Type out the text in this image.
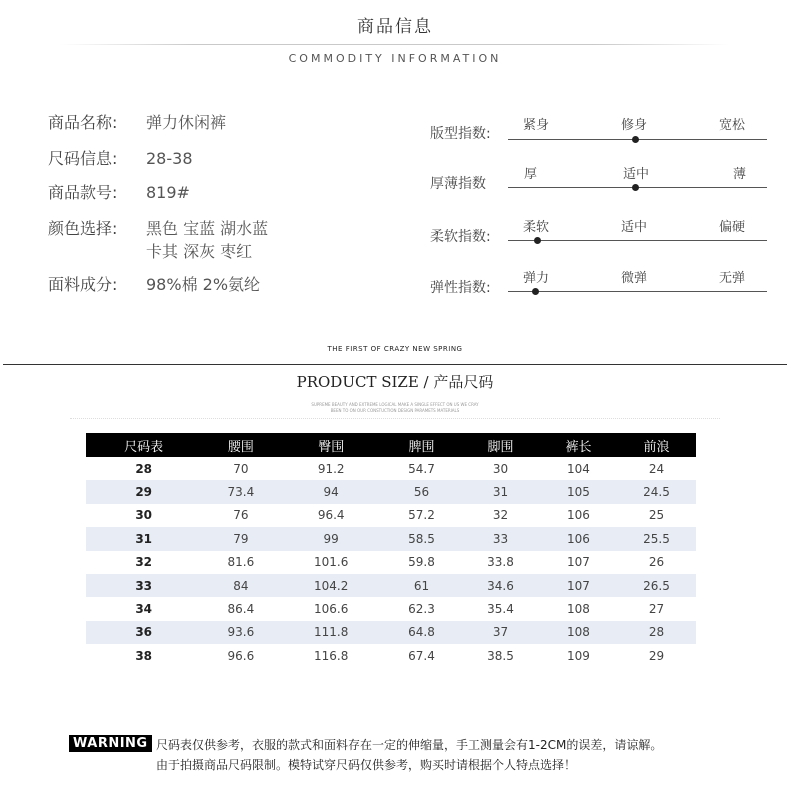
商品信息
COMMODITY INFORMATION
商品名称: 弹力休闲裤
尺码信息: 28-38
商品款号: 819#
颜色选择: 黑色 宝蓝 湖水蓝
卡其 深灰 枣红
面料成分: 98%棉 2%氨纶
版型指数:
紧身	修身	宽松
厚薄指数
厚	适中	薄
柔软指数:
柔软	适中	偏硬
弹性指数:
弹力	微弹	无弹
THE FIRST OF CRAZY NEW SPRING
PRODUCT SIZE / 产品尺码
SUPREME BEAUTY AND EXTREME LOGICAL MAKE A SINGLE EFFECT ON US WE CRAY
BEEN TO ON OUR CONSTUCTION DESIGN PARAMETS MATERIALS
尺码表	腰围	臀围	脾围	脚围	裤长	前浪
28	70	91.2	54.7	30	104	24
29	73.4	94	56	31	105	24.5
30	76	96.4	57.2	32	106	25
31	79	99	58.5	33	106	25.5
32	81.6	101.6	59.8	33.8	107	26
33	84	104.2	61	34.6	107	26.5
34	86.4	106.6	62.3	35.4	108	27
36	93.6	111.8	64.8	37	108	28
38	96.6	116.8	67.4	38.5	109	29
WARNING 尺码表仅供参考，衣服的款式和面料存在一定的伸缩量，手工测量会有1-2CM的误差，请谅解。
由于拍摄商品尺码限制。模特试穿尺码仅供参考，购买时请根据个人特点选择！
